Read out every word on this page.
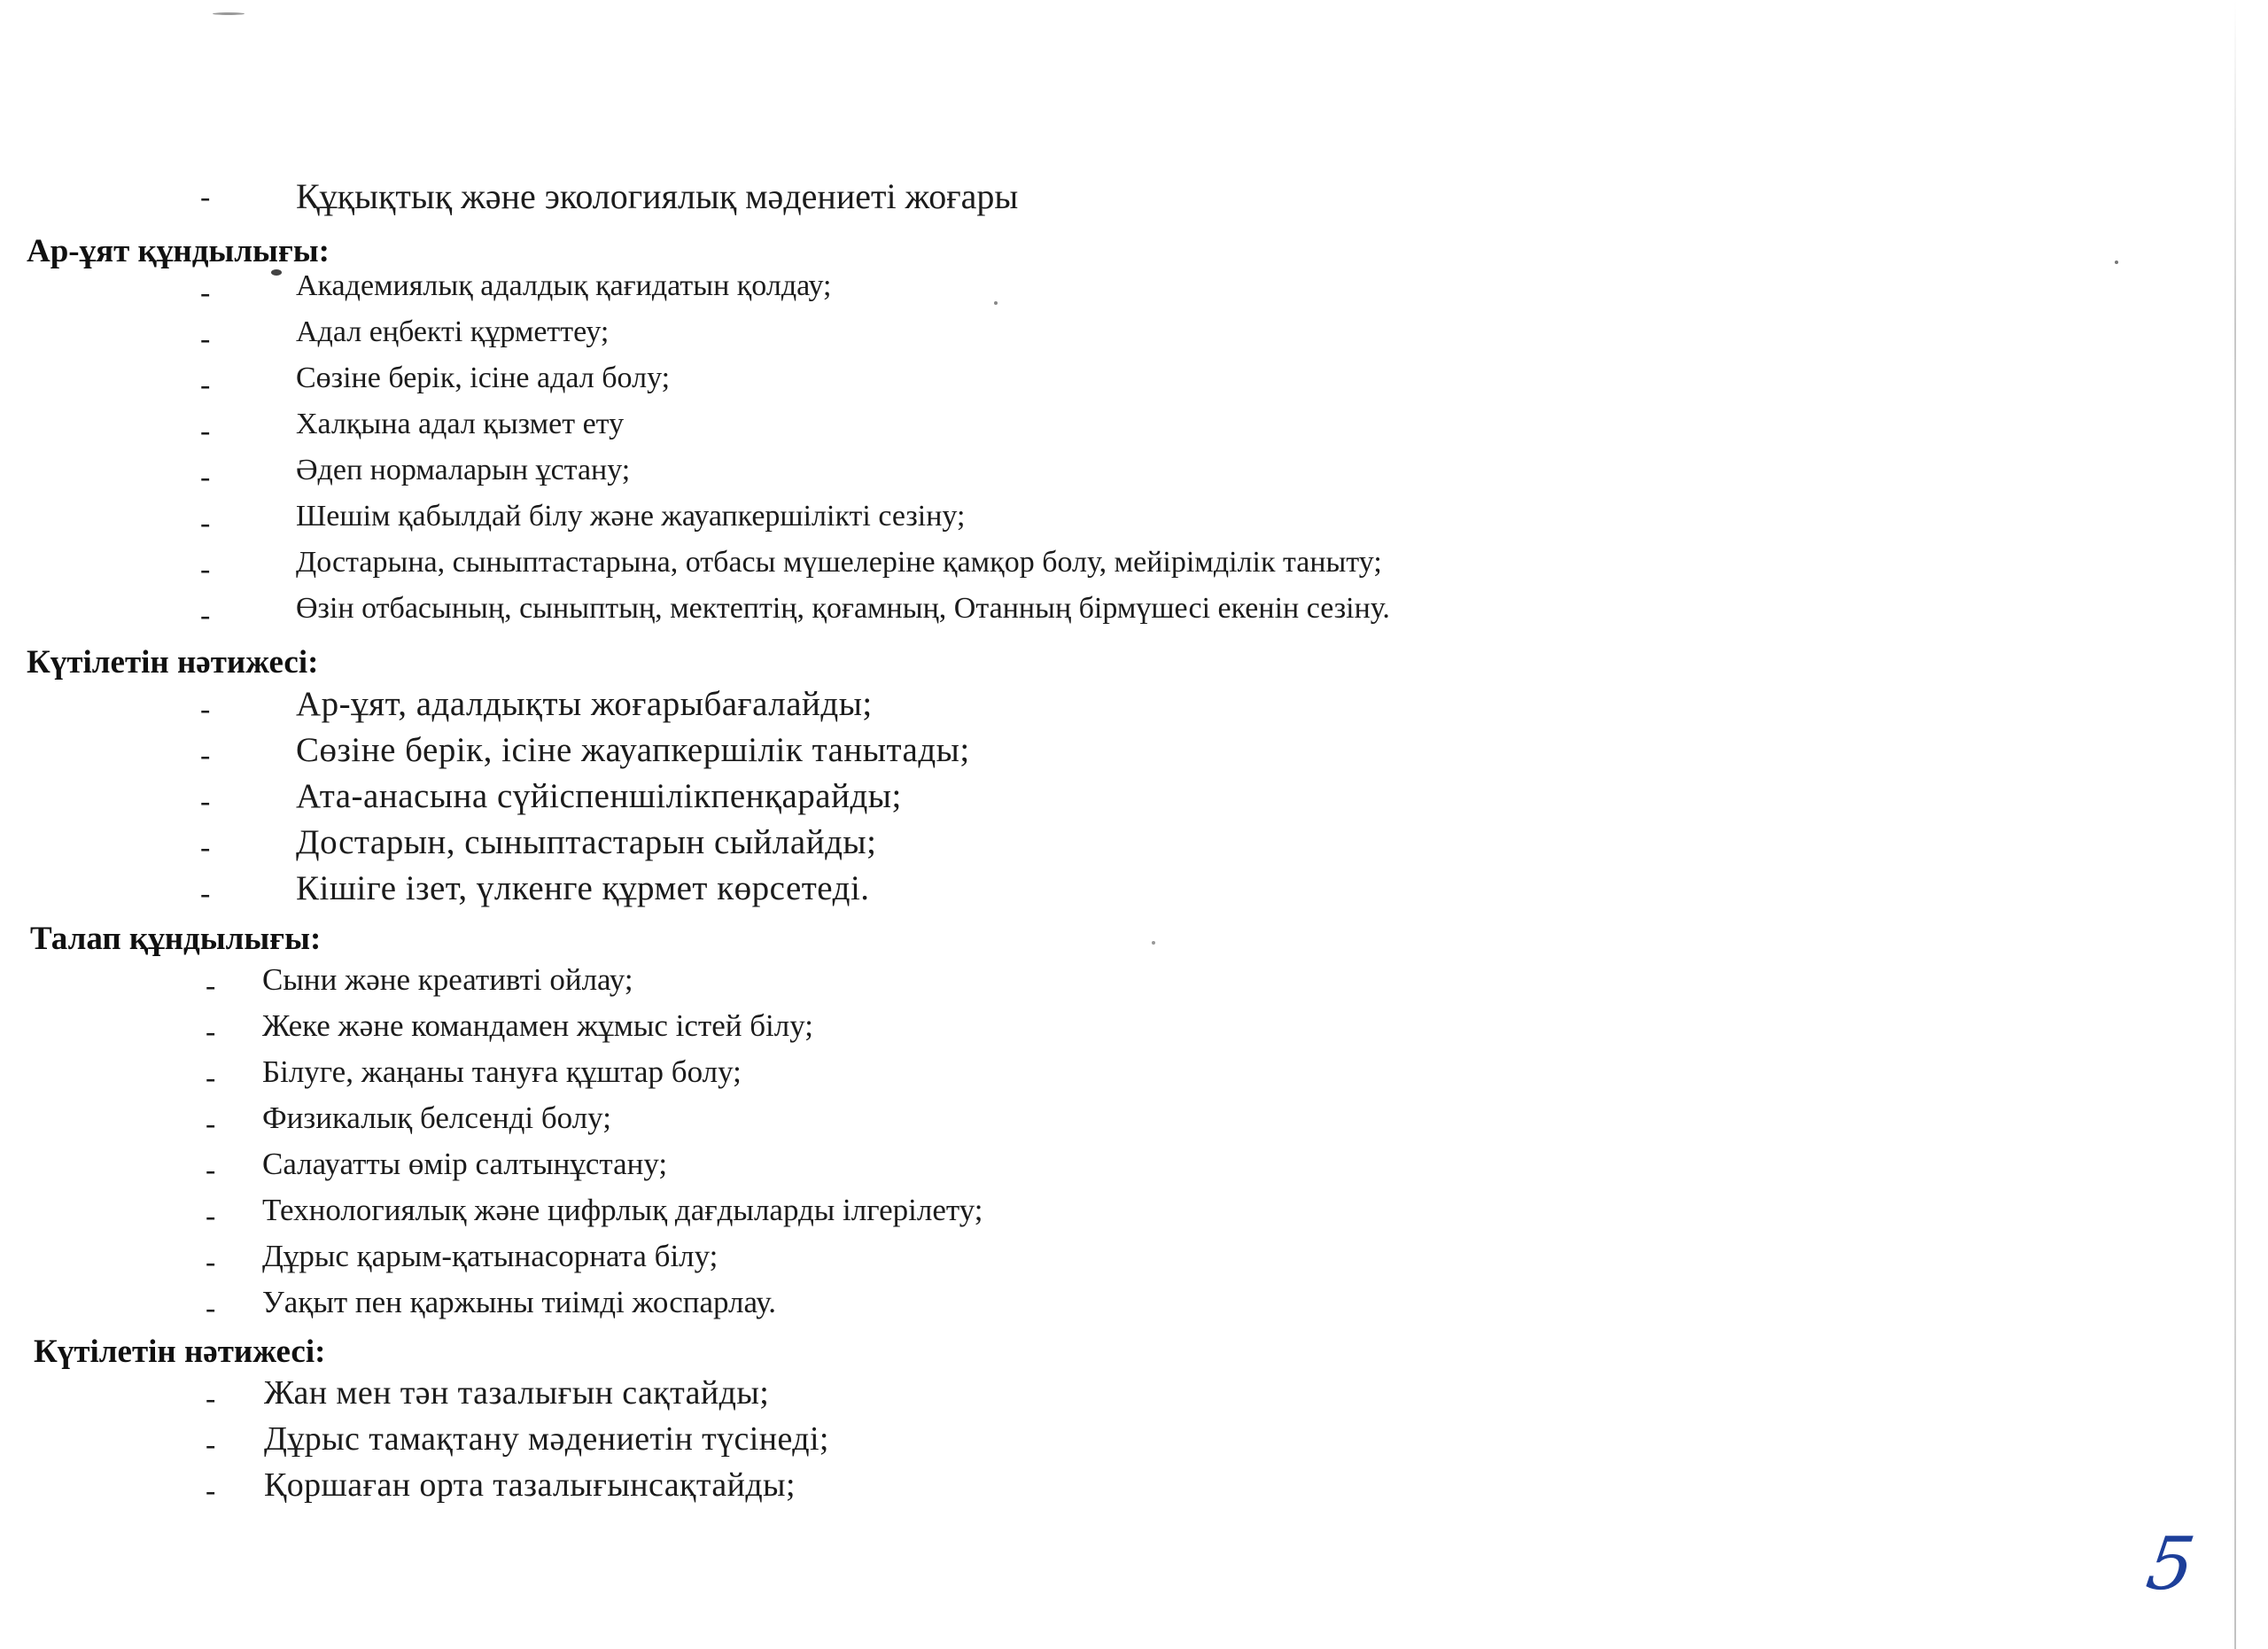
- Құқықтық және экологиялық мәдениеті жоғары
Ар-ұят құндылығы:
-	Академиялық адалдық қағидатын қолдау;
-	Адал еңбекті құрметтеу;
-	Сөзіне берік, ісіне адал болу;
-	Халқына адал қызмет ету
-	Әдеп нормаларын ұстану;
-	Шешім қабылдай білу және жауапкершілікті сезіну;
-	Достарына, сыныптастарына, отбасы мүшелеріне қамқор болу, мейірімділік таныту;
-	Өзін отбасының, сыныптың, мектептің, қоғамның, Отанның бірмүшесі екенін сезіну.
Күтілетін нәтижесі:
- Ар-ұят, адалдықты жоғарыбағалайды;
- Сөзіне берік, ісіне жауапкершілік танытады;
- Ата-анасына сүйіспеншілікпенқарайды;
- Достарын, сыныптастарын сыйлайды;
- Кішіге ізет, үлкенге құрмет көрсетеді.
Талап құндылығы:
- Сыни және креативті ойлау;
- Жеке және командамен жұмыс істей білу;
- Білуге, жаңаны тануға құштар болу;
- Физикалық белсенді болу;
- Салауатты өмір салтынұстану;
- Технологиялық және цифрлық дағдыларды ілгерілету;
- Дұрыс қарым-қатынасорната білу;
- Уақыт пен қаржыны тиімді жоспарлау.
Күтілетін нәтижесі:
- Жан мен тән тазалығын сақтайды;
- Дұрыс тамақтану мәдениетін түсінеді;
- Қоршаған орта тазалығынсақтайды;
5
